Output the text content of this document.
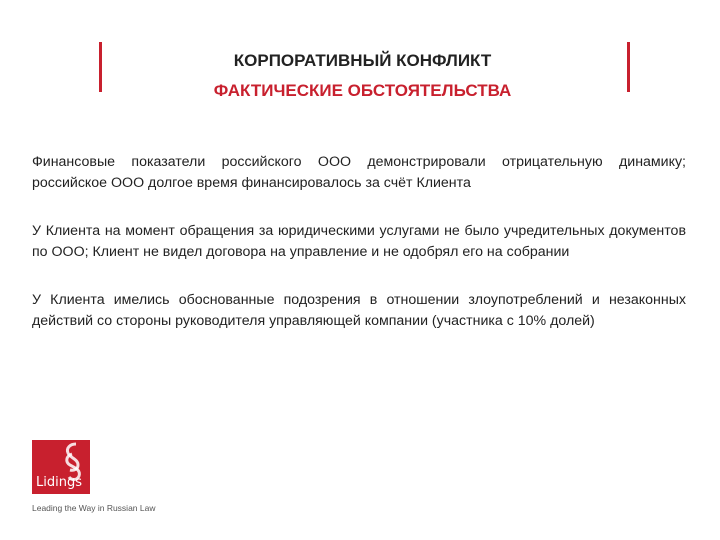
КОРПОРАТИВНЫЙ КОНФЛИКТ
ФАКТИЧЕСКИЕ ОБСТОЯТЕЛЬСТВА

Финансовые показатели российского ООО демонстрировали отрицательную динамику; российское ООО долгое время финансировалось за счёт Клиента

У Клиента на момент обращения за юридическими услугами не было учредительных документов по ООО; Клиент не видел договора на управление и не одобрял его на собрании

У Клиента имелись обоснованные подозрения в отношении злоупотреблений и незаконных действий со стороны руководителя управляющей компании (участника с 10% долей)

Lidings
Leading the Way in Russian Law
